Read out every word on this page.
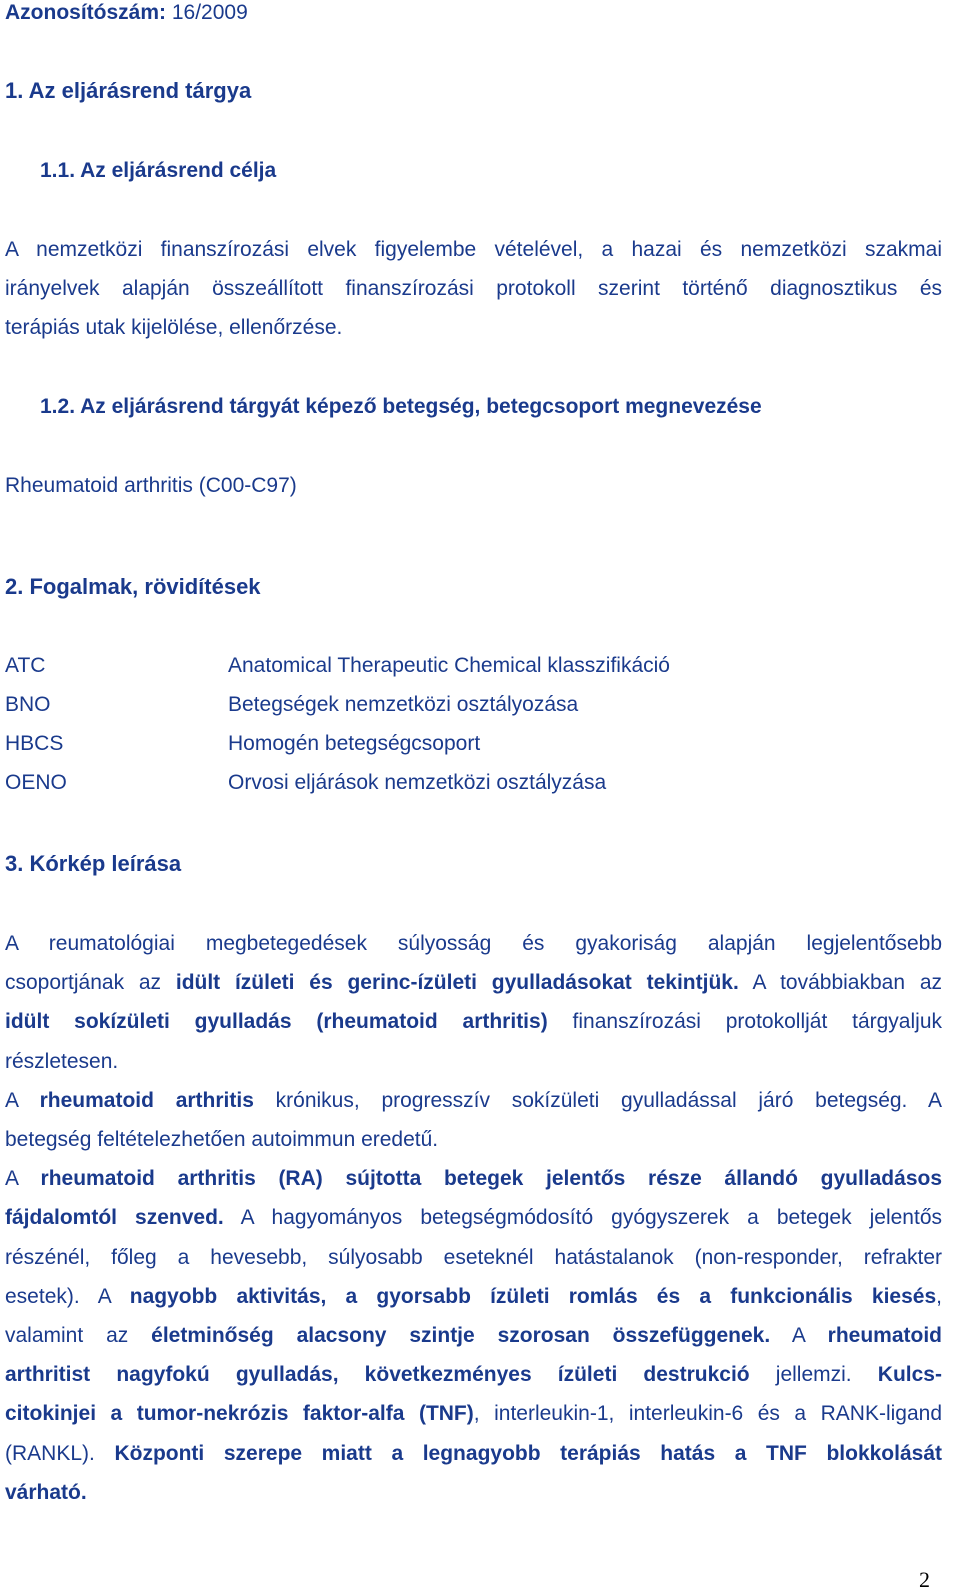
Azonosítószám: 16/2009
1. Az eljárásrend tárgya
1.1. Az eljárásrend célja
A nemzetközi finanszírozási elvek figyelembe vételével, a hazai és nemzetközi szakmai
irányelvek alapján összeállított finanszírozási protokoll szerint történő diagnosztikus és
terápiás utak kijelölése, ellenőrzése.
1.2. Az eljárásrend tárgyát képező betegség, betegcsoport megnevezése
Rheumatoid arthritis (C00-C97)
2. Fogalmak, rövidítések
ATC	Anatomical Therapeutic Chemical klasszifikáció
BNO	Betegségek nemzetközi osztályozása
HBCS	Homogén betegségcsoport
OENO	Orvosi eljárások nemzetközi osztályzása
3. Kórkép leírása
A reumatológiai megbetegedések súlyosság és gyakoriság alapján legjelentősebb
csoportjának az idült ízületi és gerinc-ízületi gyulladásokat tekintjük. A továbbiakban az
idült sokízületi gyulladás (rheumatoid arthritis) finanszírozási protokollját tárgyaljuk
részletesen.
A rheumatoid arthritis krónikus, progresszív sokízületi gyulladással járó betegség. A
betegség feltételezhetően autoimmun eredetű.
A rheumatoid arthritis (RA) sújtotta betegek jelentős része állandó gyulladásos
fájdalomtól szenved. A hagyományos betegségmódosító gyógyszerek a betegek jelentős
részénél, főleg a hevesebb, súlyosabb eseteknél hatástalanok (non-responder, refrakter
esetek). A nagyobb aktivitás, a gyorsabb ízületi romlás és a funkcionális kiesés,
valamint az életminőség alacsony szintje szorosan összefüggenek. A rheumatoid
arthritist nagyfokú gyulladás, következményes ízületi destrukció jellemzi. Kulcs-
citokinjei a tumor-nekrózis faktor-alfa (TNF), interleukin-1, interleukin-6 és a RANK-ligand
(RANKL). Központi szerepe miatt a legnagyobb terápiás hatás a TNF blokkolását
várható.
2
